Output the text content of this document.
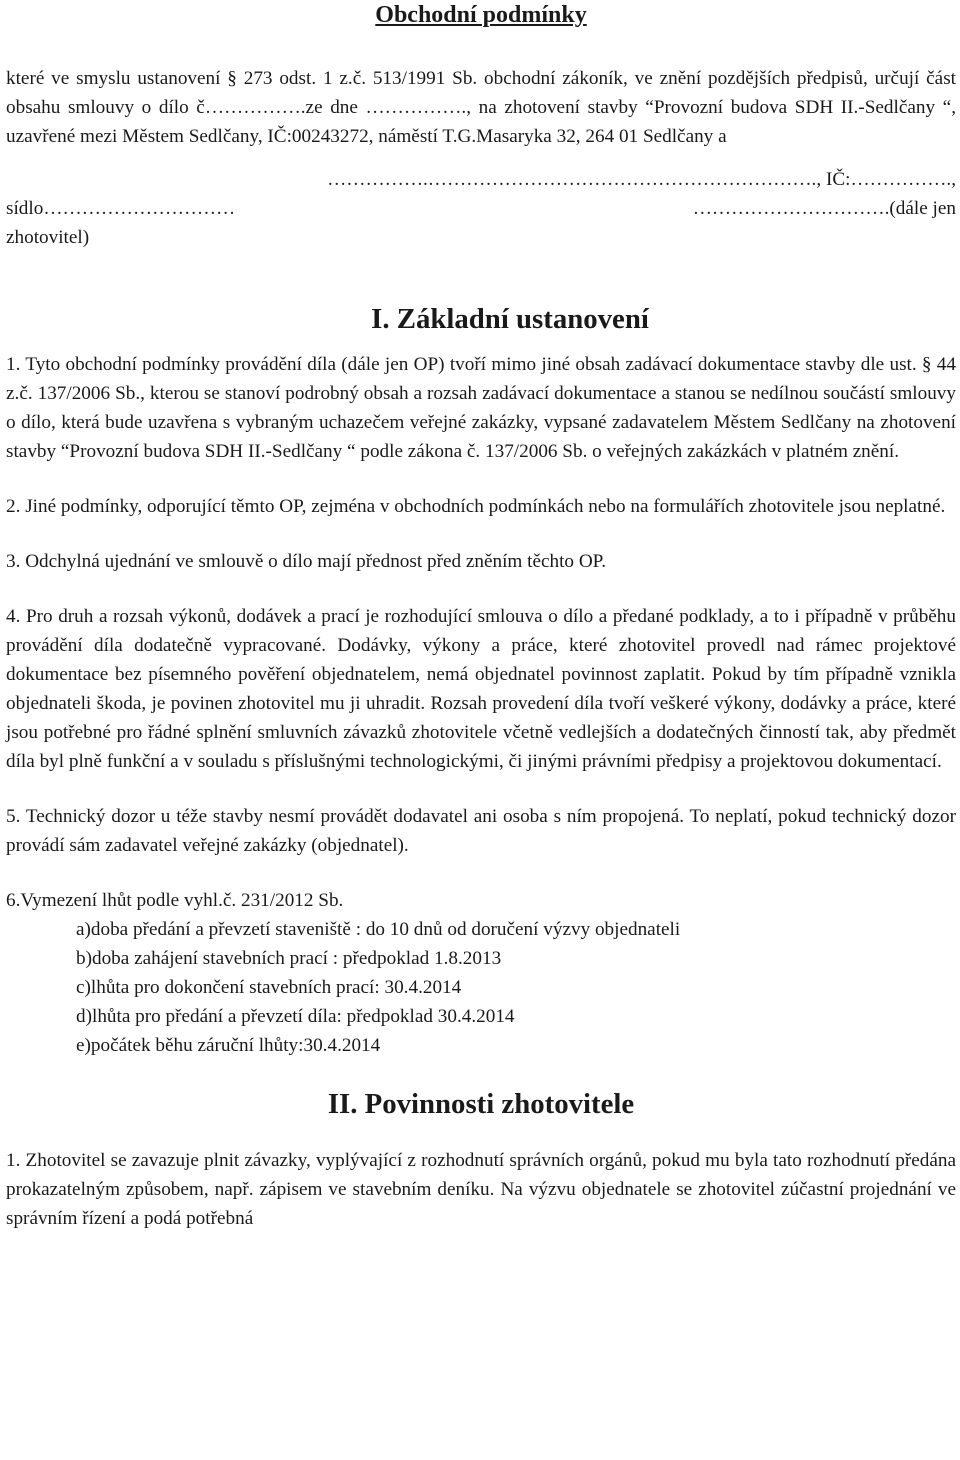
Obchodní podmínky

které ve smyslu ustanovení § 273 odst. 1 z.č. 513/1991 Sb. obchodní zákoník, ve znění pozdějších předpisů, určují část obsahu smlouvy o dílo č…………….ze dne ……………., na zhotovení stavby “Provozní budova SDH II.-Sedlčany “, uzavřené mezi Městem Sedlčany, IČ:00243272, náměstí T.G.Masaryka 32, 264 01 Sedlčany a

…………….……………………………………………………., IČ:…………….,
sídlo…………………………	………………………….(dále jen
zhotovitel)
I. Základní ustanovení

1. Tyto obchodní podmínky provádění díla (dále jen OP) tvoří mimo jiné obsah zadávací dokumentace stavby dle ust. § 44 z.č. 137/2006 Sb., kterou se stanoví podrobný obsah a rozsah zadávací dokumentace a stanou se nedílnou součástí smlouvy o dílo, která bude uzavřena s vybraným uchazečem veřejné zakázky, vypsané zadavatelem Městem Sedlčany na zhotovení stavby “Provozní budova SDH II.-Sedlčany “ podle zákona č. 137/2006 Sb. o veřejných zakázkách v platném znění.

2. Jiné podmínky, odporující těmto OP, zejména v obchodních podmínkách nebo na formulářích zhotovitele jsou neplatné.

3. Odchylná ujednání ve smlouvě o dílo mají přednost před zněním těchto OP.

4. Pro druh a rozsah výkonů, dodávek a prací je rozhodující smlouva o dílo a předané podklady, a to i případně v průběhu provádění díla dodatečně vypracované. Dodávky, výkony a práce, které zhotovitel provedl nad rámec projektové dokumentace bez písemného pověření objednatelem, nemá objednatel povinnost zaplatit. Pokud by tím případně vznikla objednateli škoda, je povinen zhotovitel mu ji uhradit. Rozsah provedení díla tvoří veškeré výkony, dodávky a práce, které jsou potřebné pro řádné splnění smluvních závazků zhotovitele včetně vedlejších a dodatečných činností tak, aby předmět díla byl plně funkční a v souladu s příslušnými technologickými, či jinými právními předpisy a projektovou dokumentací.

5. Technický dozor u téže stavby nesmí provádět dodavatel ani osoba s ním propojená. To neplatí, pokud technický dozor provádí sám zadavatel veřejné zakázky (objednatel).

6.Vymezení lhůt podle vyhl.č. 231/2012 Sb.

a)doba předání a převzetí staveniště : do 10 dnů od doručení výzvy objednateli

b)doba zahájení stavebních prací : předpoklad 1.8.2013

c)lhůta pro dokončení stavebních prací: 30.4.2014

d)lhůta pro předání a převzetí díla: předpoklad 30.4.2014

e)počátek běhu záruční lhůty:30.4.2014

II. Povinnosti zhotovitele

1. Zhotovitel se zavazuje plnit závazky, vyplývající z rozhodnutí správních orgánů, pokud mu byla tato rozhodnutí předána prokazatelným způsobem, např. zápisem ve stavebním deníku. Na výzvu objednatele se zhotovitel zúčastní projednání ve správním řízení a podá potřebná
